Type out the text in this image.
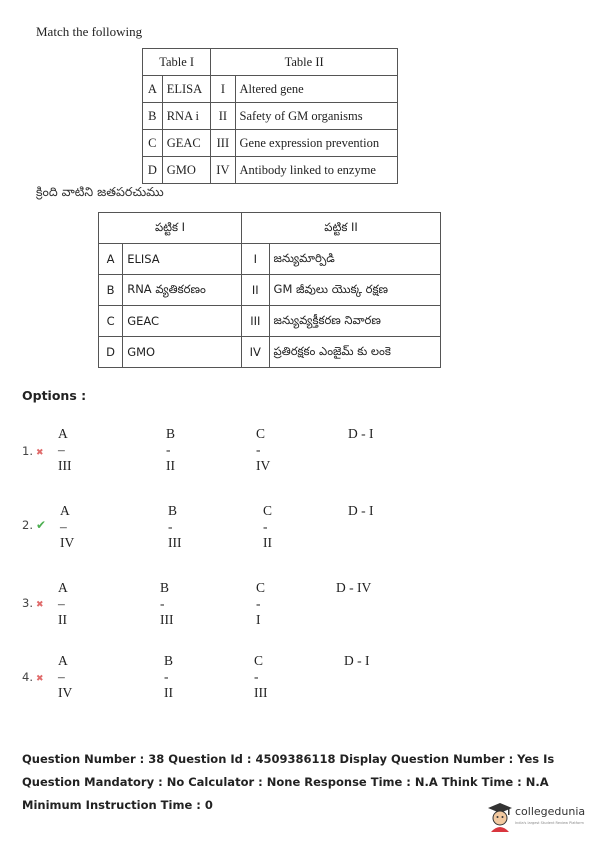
Match the following
Table I		Table II	
A	ELISA	I	Altered gene
B	RNA i	II	Safety of GM organisms
C	GEAC	III	Gene expression prevention
D	GMO	IV	Antibody linked to enzyme
క్రింది వాటిని జతపరచుము
పట్టిక I		పట్టిక II	
A	ELISA	I	జన్యుమార్పిడి
B	RNA వ్యతికరణం	II	GM జీవులు యొక్క రక్షణ
C	GEAC	III	జన్యువ్యక్తీకరణ నివారణ
D	GMO	IV	ప్రతిరక్షకం ఎంజైమ్ కు లంకె
Options :
A – III
B - II
C - IV
D - I
1. ✖
A – IV
B - III
C - II
D - I
2. ✔
A – II
B - III
C - I
D - IV
3. ✖
A – IV
B - II
C - III
D - I
4. ✖
Question Number : 38 Question Id : 4509386118 Display Question Number : Yes Is Question Mandatory : No Calculator : None Response Time : N.A Think Time : N.A Minimum Instruction Time : 0	collegedunia
India's largest Student Review Platform
